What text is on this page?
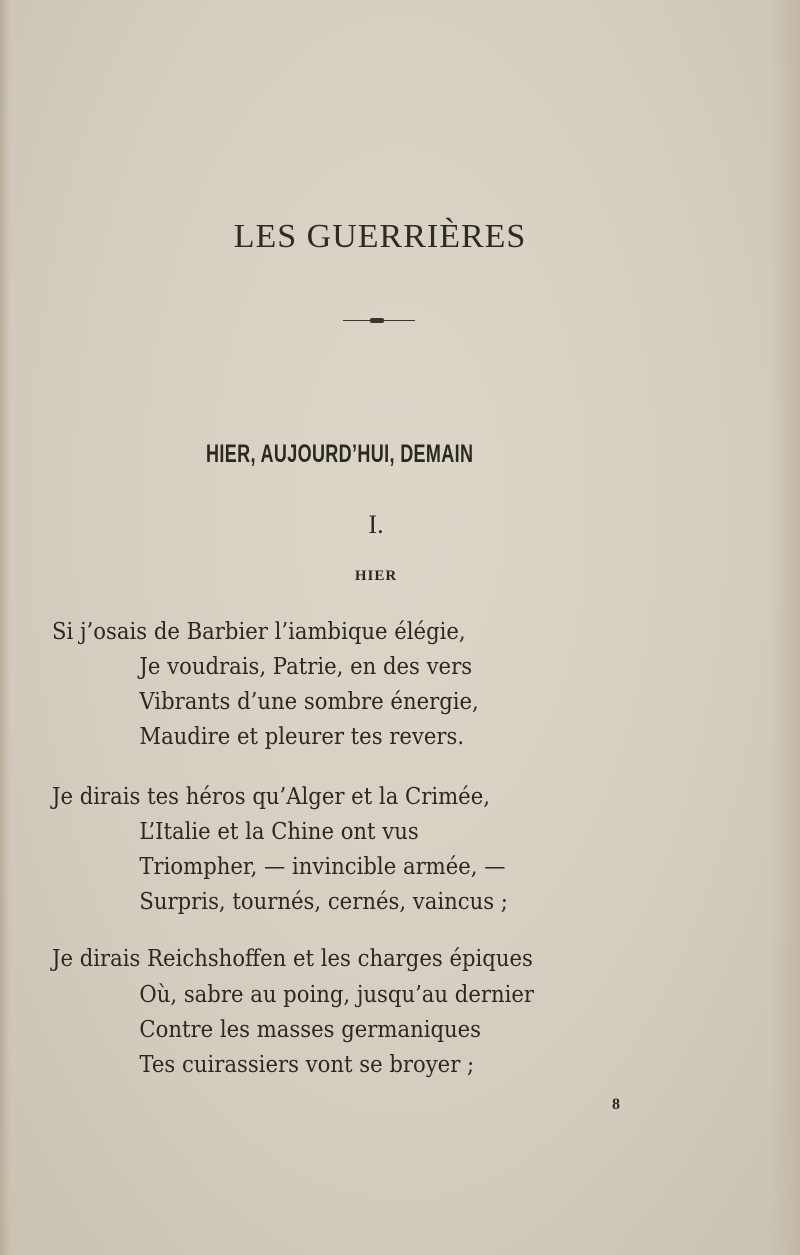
LES GUERRIÈRES
HIER, AUJOURD’HUI, DEMAIN
I.
HIER
Si j’osais de Barbier l’iambique élégie,
Je voudrais, Patrie, en des vers
Vibrants d’une sombre énergie,
Maudire et pleurer tes revers.
Je dirais tes héros qu’Alger et la Crimée,
L’Italie et la Chine ont vus
Triompher, — invincible armée, —
Surpris, tournés, cernés, vaincus ;
Je dirais Reichshoffen et les charges épiques
Où, sabre au poing, jusqu’au dernier
Contre les masses germaniques
Tes cuirassiers vont se broyer ;
8
